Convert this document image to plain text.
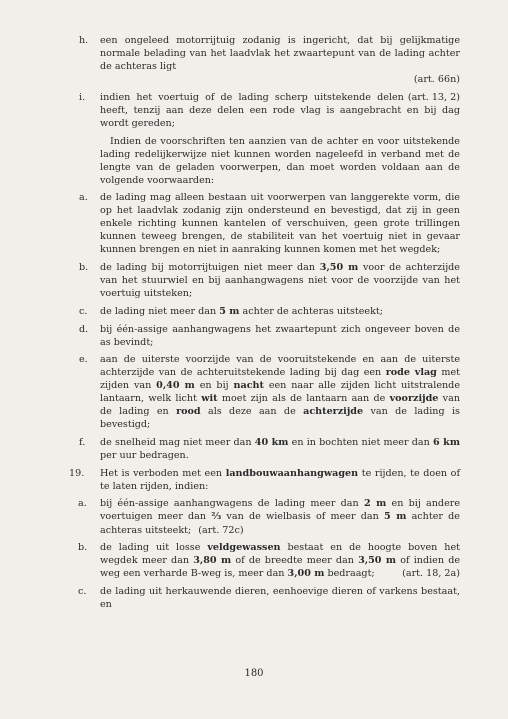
h. een ongeleed motorrijtuig zodanig is ingericht, dat bij gelijkmatige normale belading van het laadvlak het zwaartepunt van de lading achter de achteras ligt
(art. 66n)
i.	(art. 13, 2)
indien het voertuig of de lading scherp uitstekende delen heeft, tenzij aan deze delen een rode vlag is aangebracht en bij dag wordt gereden;

Indien de voorschriften ten aanzien van de achter en voor uitstekende lading redelijkerwijze niet kunnen worden nageleefd in verband met de lengte van de geladen voorwerpen, dan moet worden voldaan aan de volgende voorwaarden:

a. de lading mag alleen bestaan uit voorwerpen van langgerekte vorm, die op het laadvlak zodanig zijn ondersteund en bevestigd, dat zij in geen enkele richting kunnen kantelen of verschuiven, geen grote trillingen kunnen teweeg brengen, de stabiliteit van het voertuig niet in gevaar kunnen brengen en niet in aanraking kunnen komen met het wegdek;
b. de lading bij motorrijtuigen niet meer dan 3,50 m voor de achterzijde van het stuurwiel en bij aanhangwagens niet voor de voorzijde van het voertuig uitsteken;
c. de lading niet meer dan 5 m achter de achteras uitsteekt;
d. bij één-assige aanhangwagens het zwaartepunt zich ongeveer boven de as bevindt;
e. aan de uiterste voorzijde van de vooruitstekende en aan de uiterste achterzijde van de achteruitstekende lading bij dag een rode vlag met zijden van 0,40 m en bij nacht een naar alle zijden licht uitstralende lantaarn, welk licht wit moet zijn als de lantaarn aan de voorzijde van de lading en rood als deze aan de achterzijde van de lading is bevestigd;
f. de snelheid mag niet meer dan 40 km en in bochten niet meer dan 6 km per uur bedragen.
19. Het is verboden met een landbouwaanhangwagen te rijden, te doen of te laten rijden, indien:
a. bij één-assige aanhangwagens de lading meer dan 2 m en bij andere voertuigen meer dan ⅔ van de wielbasis of meer dan 5 m achter de achteras uitsteekt; (art. 72c)
b. de lading uit losse veldgewassen bestaat en de hoogte boven het wegdek meer dan 3,80 m of de breedte meer dan 3,50 m of indien de weg een verharde B-weg is, meer dan 3,00 m bedraagt;	(art. 18, 2a)
c. de lading uit herkauwende dieren, eenhoevige dieren of varkens bestaat, en
180
